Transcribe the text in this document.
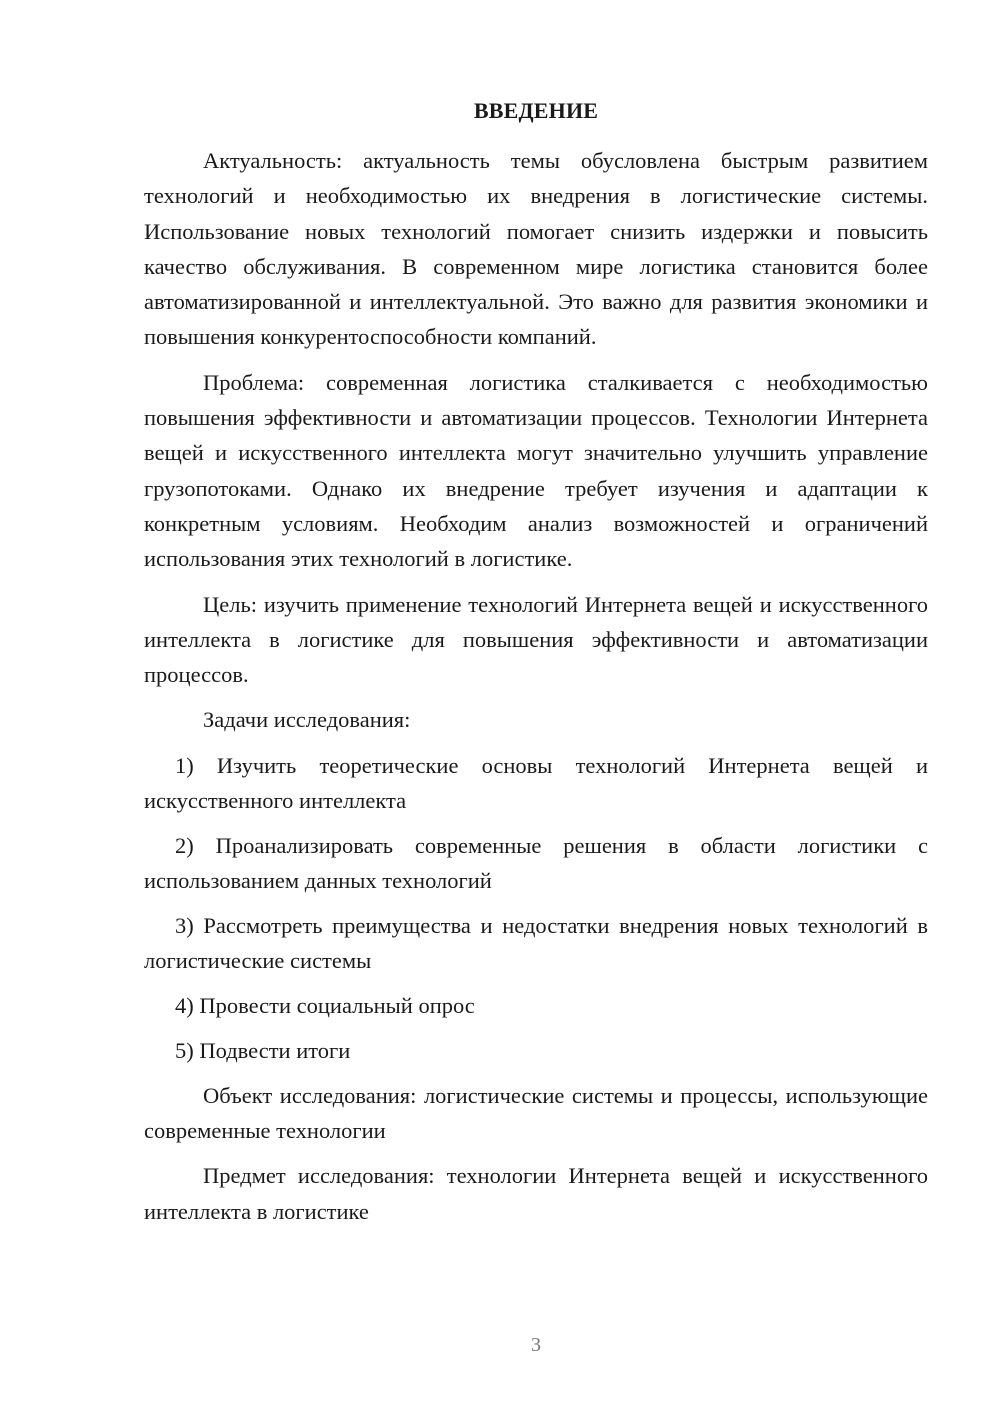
ВВЕДЕНИЕ

Актуальность: актуальность темы обусловлена быстрым развитием технологий и необходимостью их внедрения в логистические системы. Использование новых технологий помогает снизить издержки и повысить качество обслуживания. В современном мире логистика становится более автоматизированной и интеллектуальной. Это важно для развития экономики и повышения конкурентоспособности компаний.

Проблема: современная логистика сталкивается с необходимостью повышения эффективности и автоматизации процессов. Технологии Интернета вещей и искусственного интеллекта могут значительно улучшить управление грузопотоками. Однако их внедрение требует изучения и адаптации к конкретным условиям. Необходим анализ возможностей и ограничений использования этих технологий в логистике.

Цель: изучить применение технологий Интернета вещей и искусственного интеллекта в логистике для повышения эффективности и автоматизации процессов.

Задачи исследования:

1) Изучить теоретические основы технологий Интернета вещей и искусственного интеллекта

2) Проанализировать современные решения в области логистики с использованием данных технологий

3) Рассмотреть преимущества и недостатки внедрения новых технологий в логистические системы

4) Провести социальный опрос

5) Подвести итоги

Объект исследования: логистические системы и процессы, использующие современные технологии

Предмет исследования: технологии Интернета вещей и искусственного интеллекта в логистике

3
